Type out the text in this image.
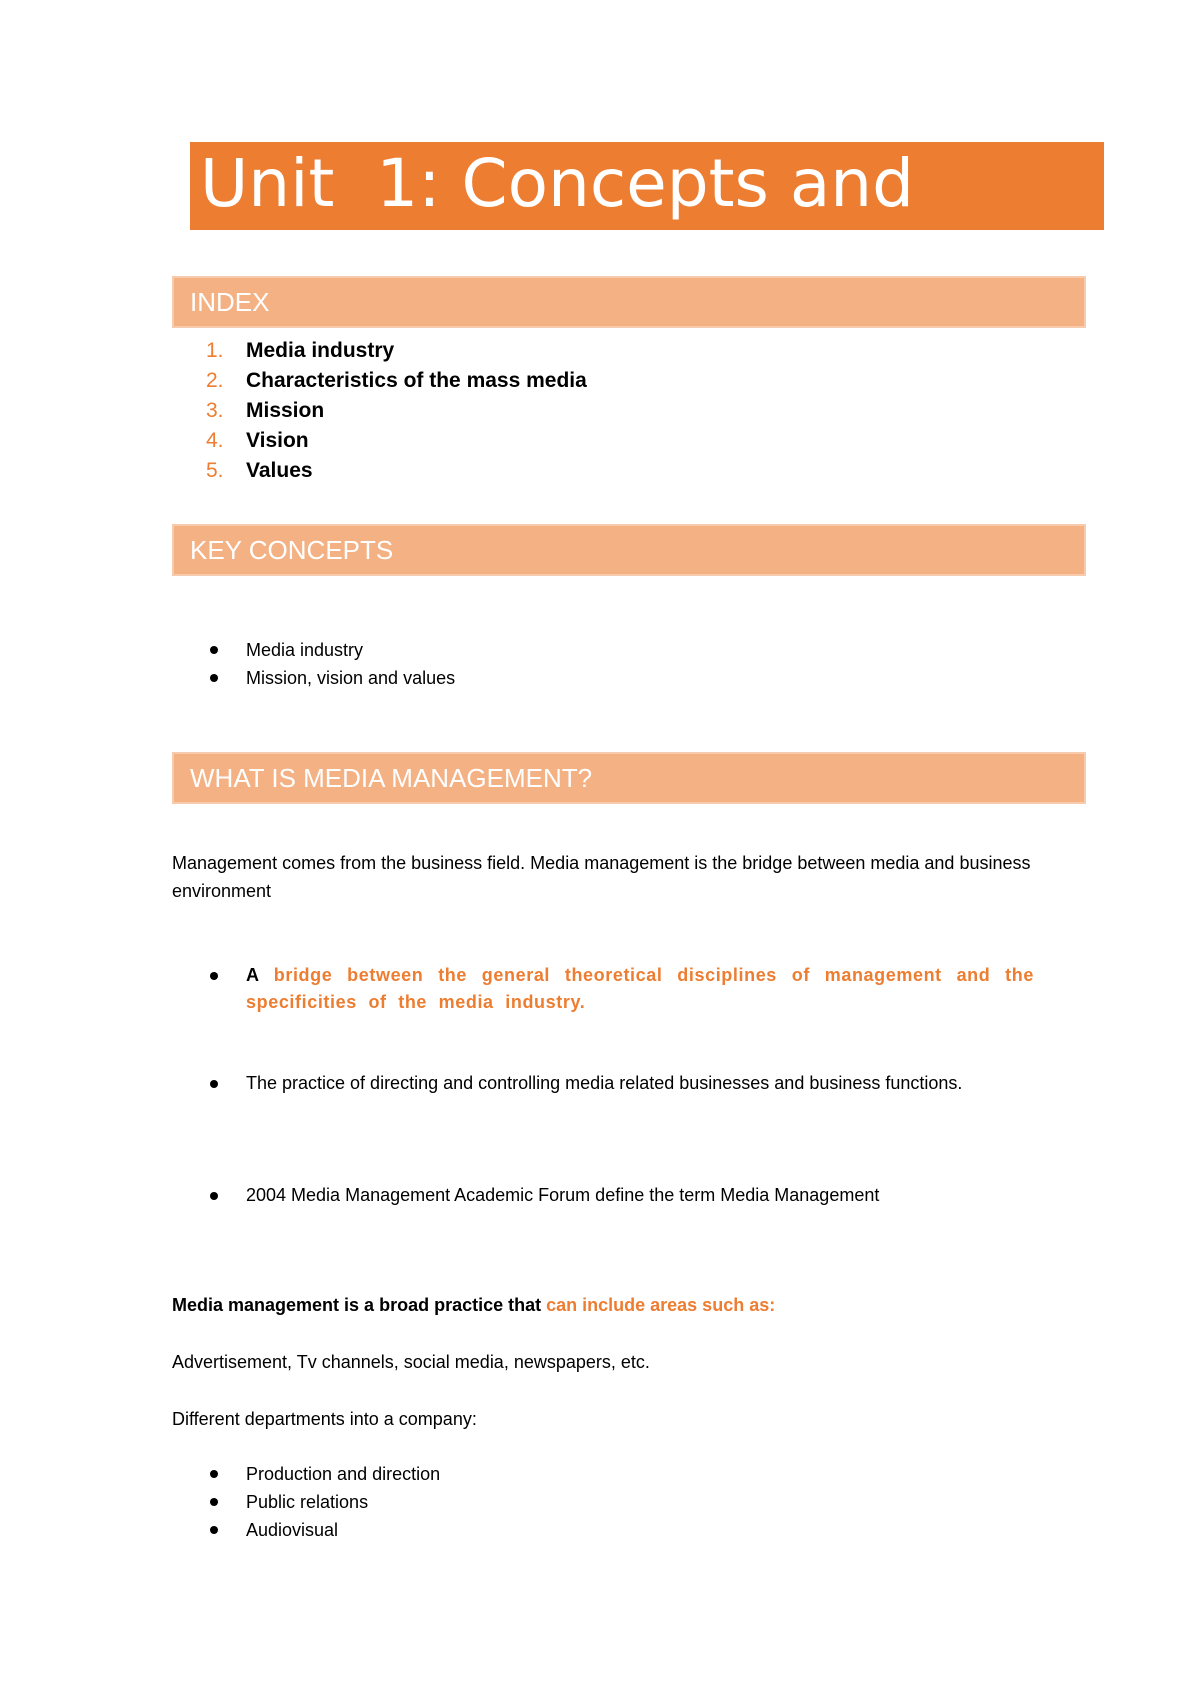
Unit  1: Concepts and
INDEX
1. Media industry
2. Characteristics of the mass media
3. Mission
4. Vision
5. Values
KEY CONCEPTS
Media industry
Mission, vision and values
WHAT IS MEDIA MANAGEMENT?

Management comes from the business field. Media management is the bridge between media and business environment

A bridge between the general theoretical disciplines of management and the specificities of the media industry.
The practice of directing and controlling media related businesses and business functions.
2004 Media Management Academic Forum define the term Media Management

Media management is a broad practice that can include areas such as:

Advertisement, Tv channels, social media, newspapers, etc.

Different departments into a company:

Production and direction
Public relations
Audiovisual
